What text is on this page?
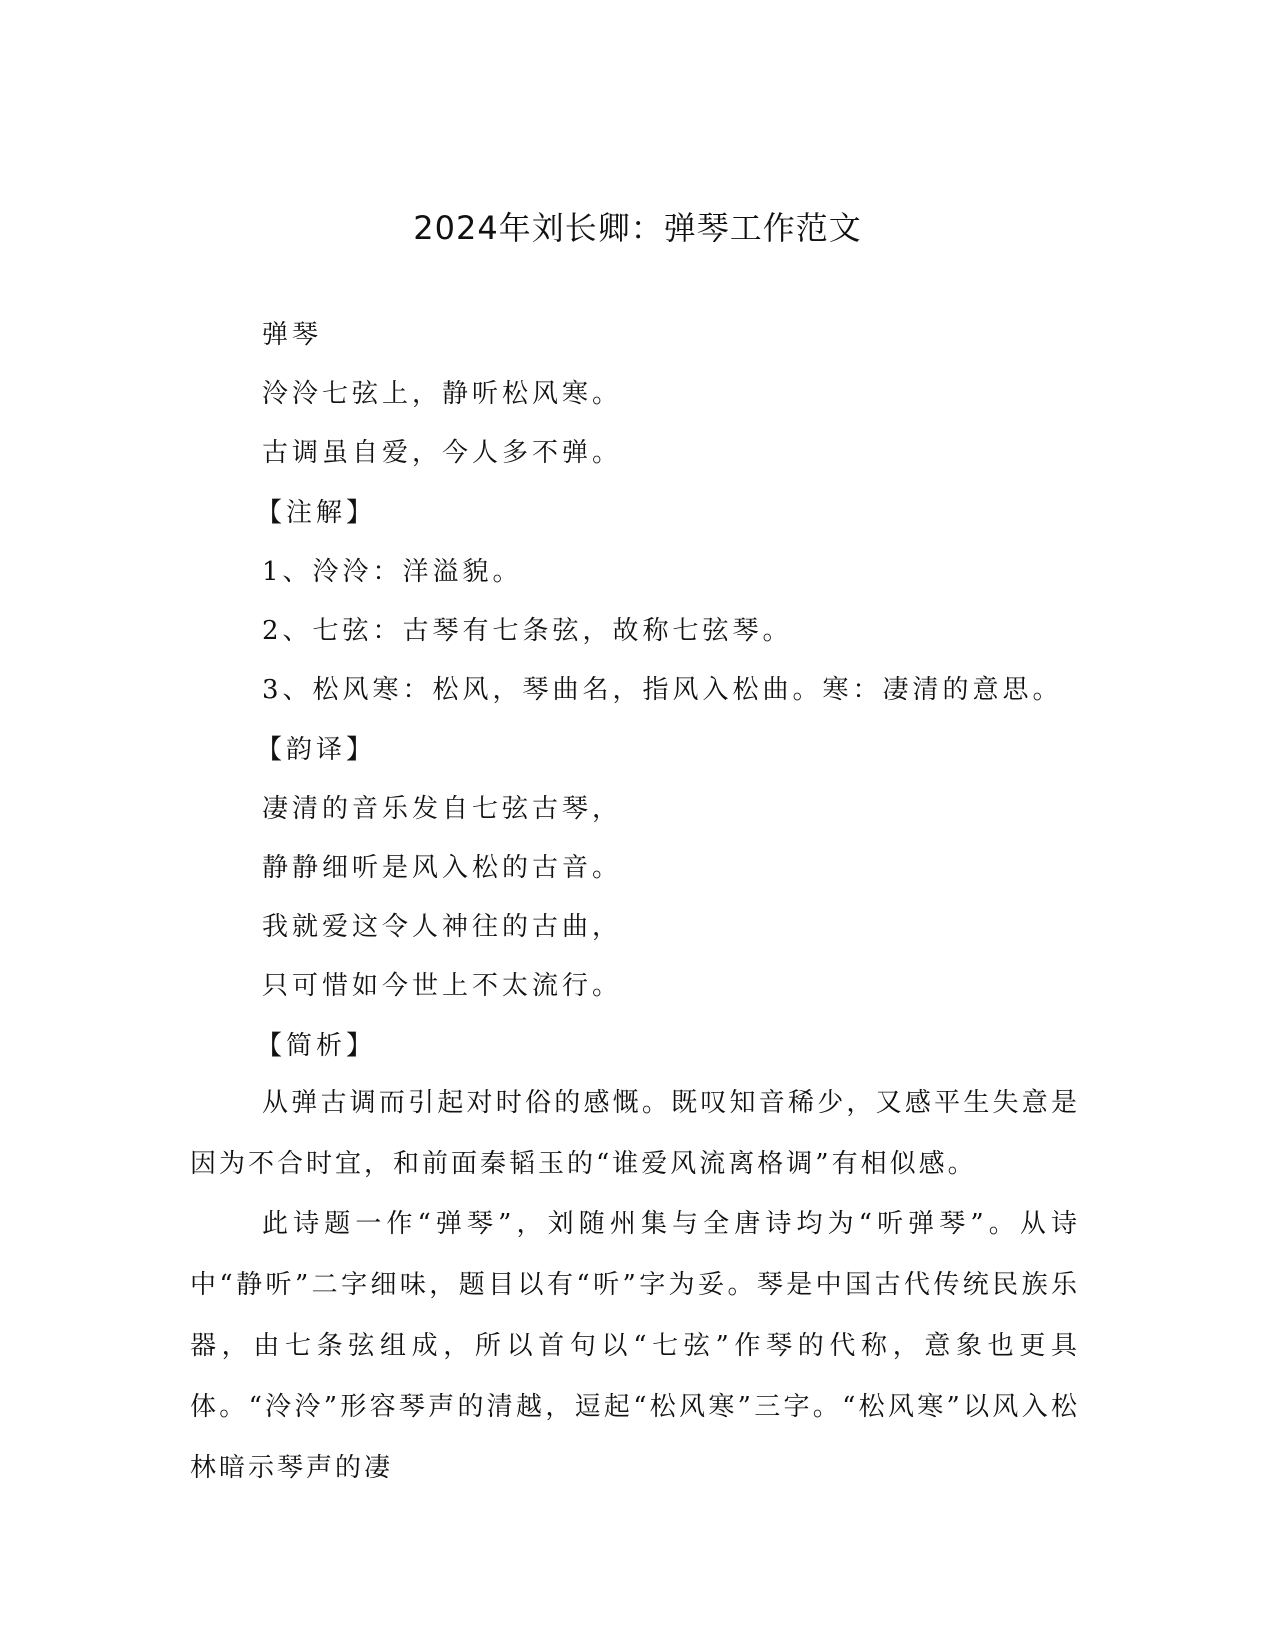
2024年刘长卿：弹琴工作范文
弹琴
泠泠七弦上，静听松风寒。
古调虽自爱，今人多不弹。
【注解】
1、泠泠：洋溢貌。
2、七弦：古琴有七条弦，故称七弦琴。
3、松风寒：松风，琴曲名，指风入松曲。寒：凄清的意思。
【韵译】
凄清的音乐发自七弦古琴，
静静细听是风入松的古音。
我就爱这令人神往的古曲，
只可惜如今世上不太流行。
【简析】
从弹古调而引起对时俗的感慨。既叹知音稀少，又感平生失意是因为不合时宜，和前面秦韬玉的“谁爱风流离格调”有相似感。
此诗题一作“弹琴”，刘随州集与全唐诗均为“听弹琴”。从诗中“静听”二字细味，题目以有“听”字为妥。琴是中国古代传统民族乐器，由七条弦组成，所以首句以“七弦”作琴的代称，意象也更具体。“泠泠”形容琴声的清越，逗起“松风寒”三字。“松风寒”以风入松林暗示琴声的凄
